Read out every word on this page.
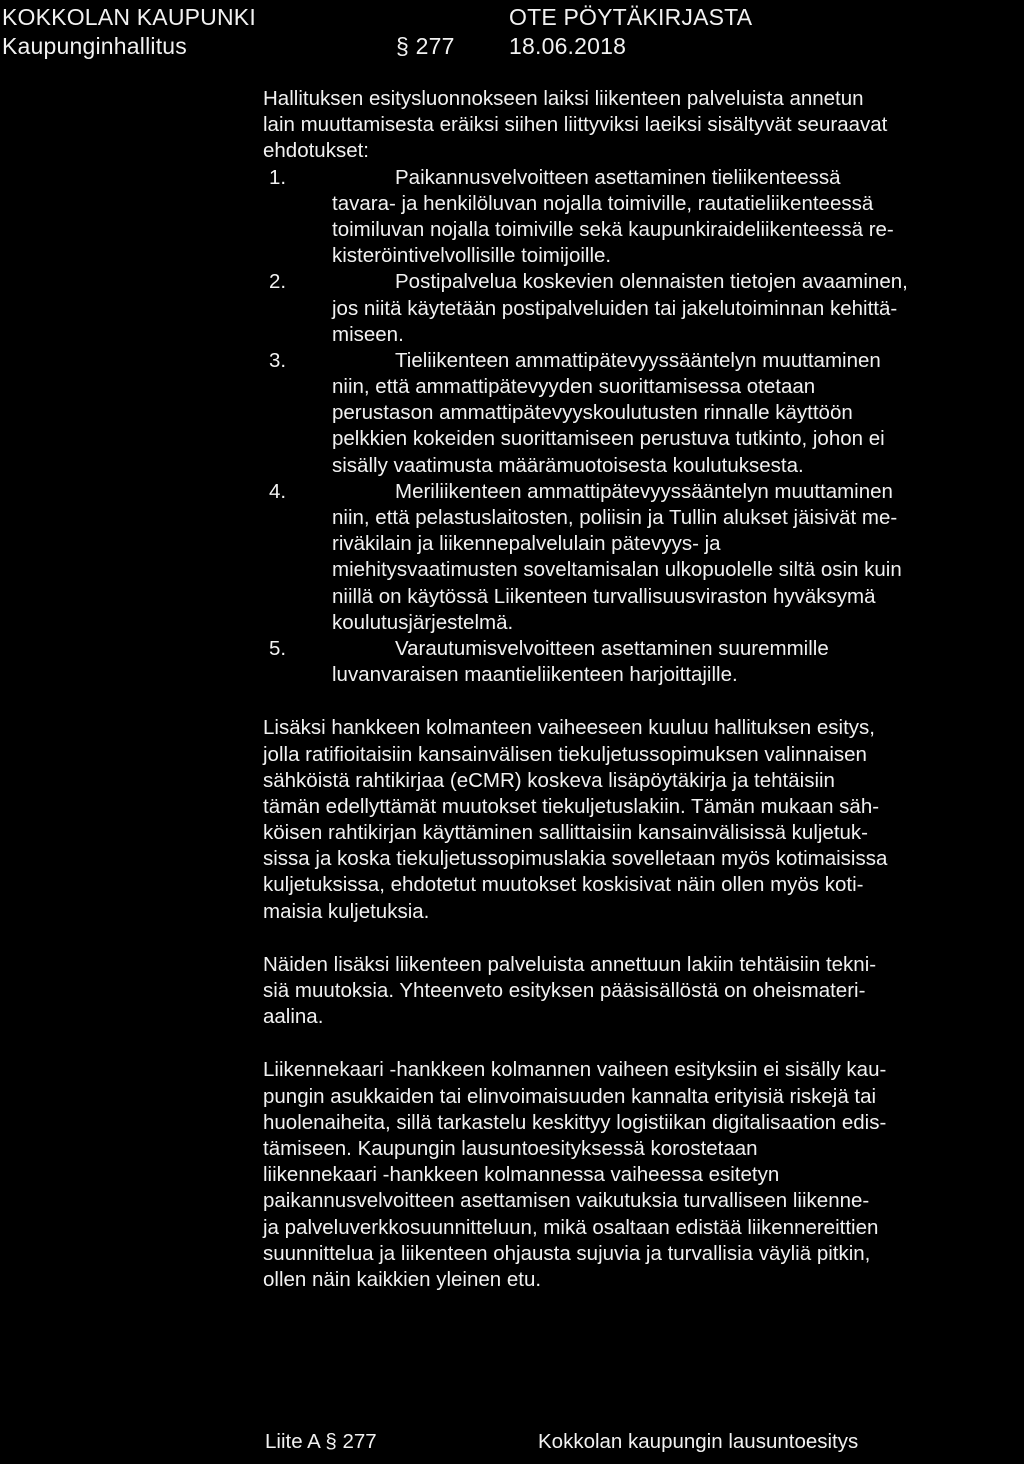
KOKKOLAN KAUPUNKI
Kaupunginhallitus	§ 277
OTE PÖYTÄKIRJASTA
18.06.2018
Hallituksen esitysluonnokseen laiksi liikenteen palveluista annetun
lain muuttamisesta eräiksi siihen liittyviksi laeiksi sisältyvät seuraavat
ehdotukset:
1.	Paikannusvelvoitteen asettaminen tieliikenteessä
tavara- ja henkilöluvan nojalla toimiville, rautatieliikenteessä
toimiluvan nojalla toimiville sekä kaupunkiraideliikenteessä re-
kisteröintivelvollisille toimijoille.
2.	Postipalvelua koskevien olennaisten tietojen avaaminen,
jos niitä käytetään postipalveluiden tai jakelutoiminnan kehittä-
miseen.
3.	Tieliikenteen ammattipätevyyssääntelyn muuttaminen
niin, että ammattipätevyyden suorittamisessa otetaan
perustason ammattipätevyyskoulutusten rinnalle käyttöön
pelkkien kokeiden suorittamiseen perustuva tutkinto, johon ei
sisälly vaatimusta määrämuotoisesta koulutuksesta.
4.	Meriliikenteen ammattipätevyyssääntelyn muuttaminen
niin, että pelastuslaitosten, poliisin ja Tullin alukset jäisivät me-
riväkilain ja liikennepalvelulain pätevyys- ja
miehitysvaatimusten soveltamisalan ulkopuolelle siltä osin kuin
niillä on käytössä Liikenteen turvallisuusviraston hyväksymä
koulutusjärjestelmä.
5.	Varautumisvelvoitteen asettaminen suuremmille
luvanvaraisen maantieliikenteen harjoittajille.
Lisäksi hankkeen kolmanteen vaiheeseen kuuluu hallituksen esitys,
jolla ratifioitaisiin kansainvälisen tiekuljetussopimuksen valinnaisen
sähköistä rahtikirjaa (eCMR) koskeva lisäpöytäkirja ja tehtäisiin
tämän edellyttämät muutokset tiekuljetuslakiin. Tämän mukaan säh-
köisen rahtikirjan käyttäminen sallittaisiin kansainvälisissä kuljetuk-
sissa ja koska tiekuljetussopimuslakia sovelletaan myös kotimaisissa
kuljetuksissa, ehdotetut muutokset koskisivat näin ollen myös koti-
maisia kuljetuksia.
Näiden lisäksi liikenteen palveluista annettuun lakiin tehtäisiin tekni-
siä muutoksia. Yhteenveto esityksen pääsisällöstä on oheismateri-
aalina.
Liikennekaari -hankkeen kolmannen vaiheen esityksiin ei sisälly kau-
pungin asukkaiden tai elinvoimaisuuden kannalta erityisiä riskejä tai
huolenaiheita, sillä tarkastelu keskittyy logistiikan digitalisaation edis-
tämiseen. Kaupungin lausuntoesityksessä korostetaan
liikennekaari -hankkeen kolmannessa vaiheessa esitetyn
paikannusvelvoitteen asettamisen vaikutuksia turvalliseen liikenne-
ja palveluverkkosuunnitteluun, mikä osaltaan edistää liikennereittien
suunnittelua ja liikenteen ohjausta sujuvia ja turvallisia väyliä pitkin,
ollen näin kaikkien yleinen etu.
Liite A § 277	Kokkolan kaupungin lausuntoesitys
